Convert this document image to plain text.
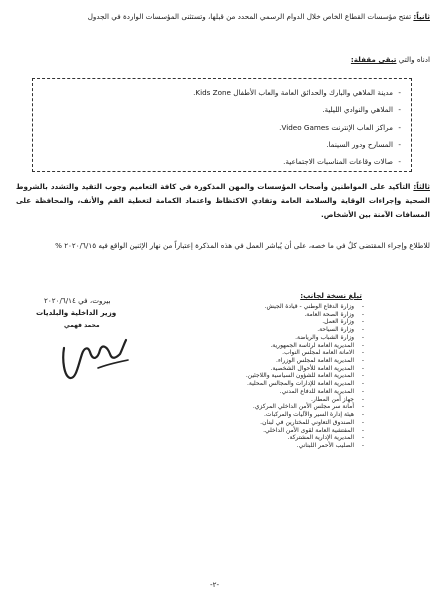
ثانياً: تفتح مؤسسات القطاع الخاص خلال الدوام الرسمي المحدد من قبلها، وتستثنى المؤسسات الواردة في الجدول
ادناه والتي تبقى مقفلة:
- مدينة الملاهي والبارك والحدائق العامة والعاب الأطفال Kids Zone.
- الملاهي والنوادي الليلية.
- مراكز العاب الإنترنت Video Games.
- المسارح ودور السينما.
- صالات وقاعات المناسبات الاجتماعية.
ثالثاً: التأكيد على المواطنين وأصحاب المؤسسات والمهن المذكورة في كافة التعاميم وجوب التقيد والتشدد بالشروط الصحية وإجراءات الوقاية والسلامة العامة وتفادي الاكتظاظ واعتماد الكمامة لتغطية الفم والأنف، والمحافظة على المسافات الآمنة بين الأشخاص.
للاطلاع وإجراء المقتضى كلٌ في ما خصه، على أن يُباشر العمل في هذه المذكرة إعتباراً من نهار الإثنين الواقع فيه ٢٠٢٠/٦/١٥ %
بيروت، في ٢٠٢٠/٦/١٤
وزير الداخلية والبلديات
محمد فهمي
تبلغ نسخة لجانب:
- وزارة الدفاع الوطني - قيادة الجيش.
- وزارة الصحة العامة.
- وزارة العمل.
- وزارة السياحة.
- وزارة الشباب والرياضة.
- المديرية العامة لرئاسة الجمهورية.
- الامانة العامة لمجلس النواب.
- المديرية العامة لمجلس الوزراء.
- المديرية العامة للأحوال الشخصية.
- المديرية العامة للشؤون السياسية واللاجئين.
- المديرية العامة للإدارات والمجالس المحلية.
- المديرية العامة للدفاع المدني.
- جهاز أمن المطار.
- أمانة سر مجلس الأمن الداخلي المركزي.
- هيئة إدارة السير والآليات والمركبات.
- الصندوق التعاوني للمختارين في لبنان.
- المفتشية العامة لقوى الأمن الداخلي.
- المديرية الإدارية المشتركة.
- الصليب الأحمر اللبناني.
-٢-
